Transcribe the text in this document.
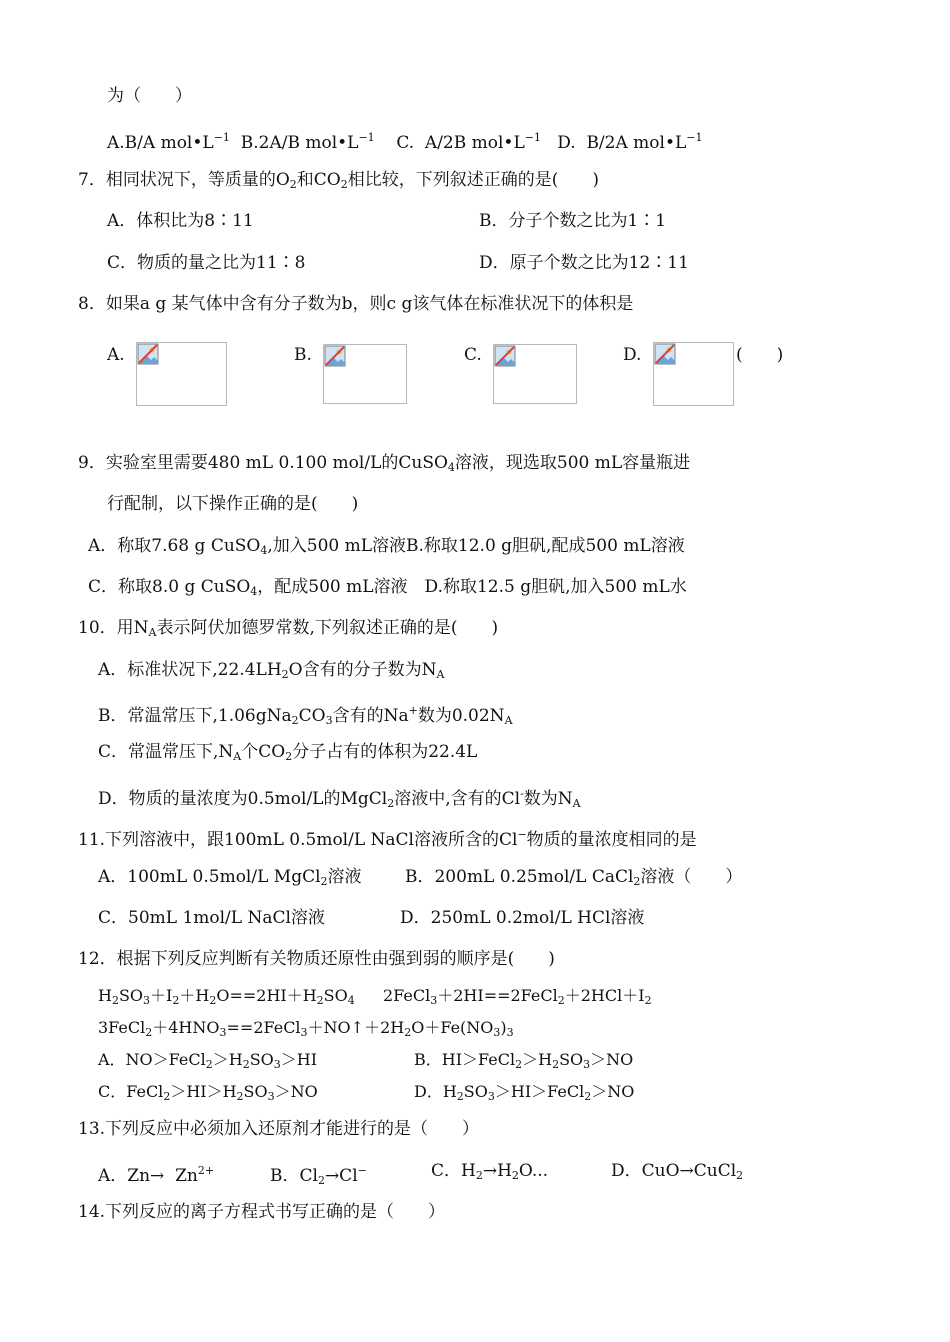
为（　　）
A.B/A $mol•L^{-1}$ B.2A/B $mol•L^{-1}$ C.  A/2B $mol•L^{-1}$ D.  B/2A $mol•L^{-1}$
7．相同状况下，等质量的$O_2$和$CO_2$相比较，下列叙述正确的是(　　)
A．体积比为8∶11	B．分子个数之比为1∶1
C．物质的量之比为11∶8	D．原子个数之比为12∶11
8．如果a g 某气体中含有分子数为b，则c g该气体在标准状况下的体积是
A.	B.	C.	D.	(　　)
9．实验室里需要480 mL 0.100 mol/L的CuSO$_4$溶液，现选取500 mL容量瓶进
行配制，以下操作正确的是(　　)
A．称取7.68 g CuSO$_4$,加入500 mL溶液B.称取12.0 g胆矾,配成500 mL溶液
C．称取8.0 g CuSO$_4$，配成500 mL溶液　D.称取12.5 g胆矾,加入500 mL水
10．用$N_A$表示阿伏加德罗常数,下列叙述正确的是(　　)
A．标准状况下$,22.4LH_2O$含有的分子数为$N_A$
B．常温常压下$,1.06gNa_2CO_3$含有的Na+数为$0.02N_A$
C．常温常压下$,N_A$个$CO_2$分子占有的体积为22.4L
D．物质的量浓度为0.5mol/L的MgCl$_2$溶液中,含有的Cl-数为$N_A$
11.下列溶液中，跟100mL 0.5mol/L NaCl溶液所含的Cl−物质的量浓度相同的是
A．100mL 0.5mol/L MgCl$_2$溶液	B．200mL 0.25mol/L CaCl$_2$溶液（　　）
C．50mL 1mol/L NaCl溶液	D．250mL 0.2mol/L HCl溶液
12．根据下列反应判断有关物质还原性由强到弱的顺序是(　　)
$H_2SO_3+I_2+H_2O==2HI+H_2SO_4$ $2FeCl_3+2HI==2FeCl_2+2HCl+I_2$
$3FeCl_2+4HNO_3==2FeCl_3+NO↑+2H_2O+Fe(NO_3)_3$
A．$NO>FeCl_2>H_2SO_3>HI$	B．$HI>FeCl_2>H_2SO_3>NO$
C．$FeCl_2>HI>H_2SO_3>NO$	D．$H_2SO_3>HI>FeCl_2>NO$
13.下列反应中必须加入还原剂才能进行的是（　　）
A．$Zn\to Zn^{2+}$	B．$Cl_2\to Cl^-$	C．$H_2\to H_2O$...	D．CuO→CuCl$_2$
14.下列反应的离子方程式书写正确的是（　　）
